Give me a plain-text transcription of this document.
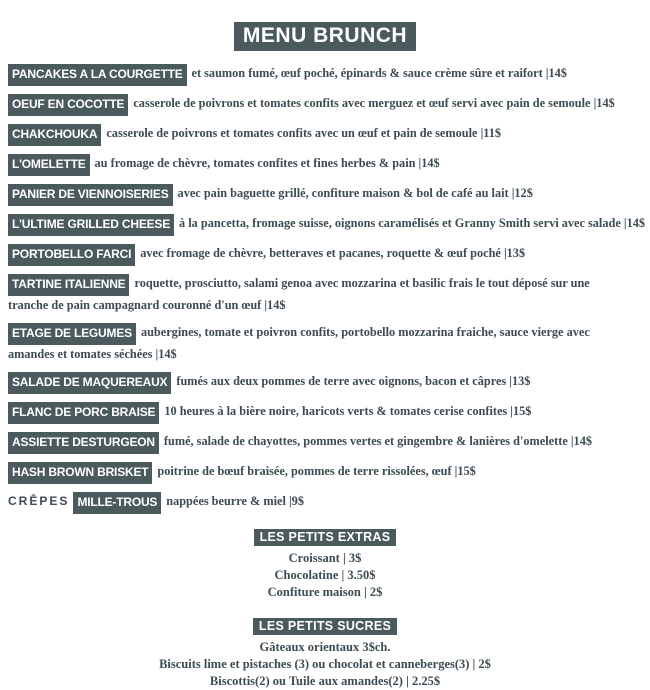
MENU BRUNCH
PANCAKES A LA COURGETTE et saumon fumé, œuf poché, épinards & sauce crème sûre et raifort |14$
OEUF EN COCOTTE casserole de poivrons et tomates confits avec merguez et œuf servi avec pain de semoule |14$
CHAKCHOUKA casserole de poivrons et tomates confits avec un œuf et pain de semoule |11$
L'OMELETTE au fromage de chèvre, tomates confites et fines herbes & pain |14$
PANIER DE VIENNOISERIES avec pain baguette grillé, confiture maison & bol de café au lait |12$
L'ULTIME GRILLED CHEESE à la pancetta, fromage suisse, oignons caramélisés et Granny Smith servi avec salade |14$
PORTOBELLO FARCI avec fromage de chèvre, betteraves et pacanes, roquette & œuf poché |13$
TARTINE ITALIENNE roquette, prosciutto, salami genoa avec mozzarina et basilic frais le tout déposé sur une tranche de pain campagnard couronné d'un œuf |14$
ETAGE DE LEGUMES aubergines, tomate et poivron confits, portobello mozzarina fraiche, sauce vierge avec amandes et tomates séchées |14$
SALADE DE MAQUEREAUX fumés aux deux pommes de terre avec oignons, bacon et câpres |13$
FLANC DE PORC BRAISE 10 heures à la bière noire, haricots verts & tomates cerise confites |15$
ASSIETTE DESTURGEON fumé, salade de chayottes, pommes vertes et gingembre & lanières d'omelette |14$
HASH BROWN BRISKET poitrine de bœuf braisée, pommes de terre rissolées, œuf |15$
CRÊPES MILLE-TROUS nappées beurre & miel |9$
LES PETITS EXTRAS
Croissant | 3$
Chocolatine | 3.50$
Confiture maison | 2$
LES PETITS SUCRES
Gâteaux orientaux 3$ch.
Biscuits lime et pistaches (3) ou chocolat et canneberges(3) | 2$
Biscottis(2) ou Tuile aux amandes(2) | 2.25$
